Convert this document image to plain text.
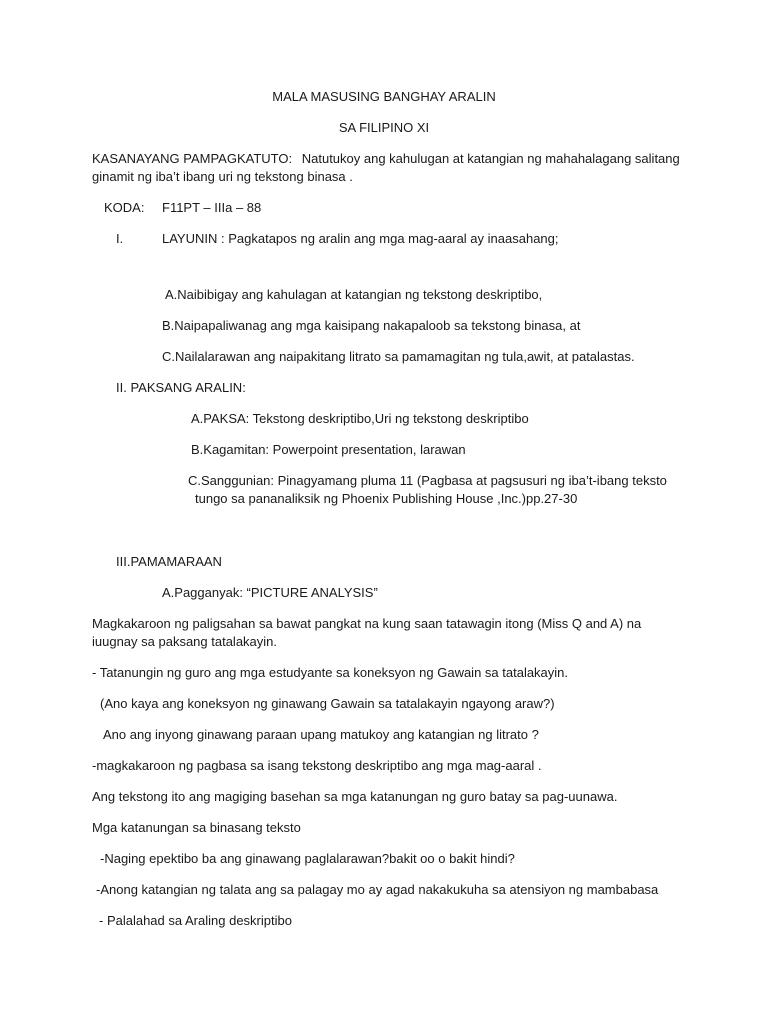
MALA MASUSING BANGHAY ARALIN
SA FILIPINO XI
KASANAYANG PAMPAGKATUTO: Natutukoy ang kahulugan at katangian ng mahahalagang salitang
ginamit ng iba’t ibang uri ng tekstong binasa .
KODA: F11PT – IIIa – 88
I.	LAYUNIN : Pagkatapos ng aralin ang mga mag-aaral ay inaasahang;
A.Naibibigay ang kahulagan at katangian ng tekstong deskriptibo,
B.Naipapaliwanag ang mga kaisipang nakapaloob sa tekstong binasa, at
C.Nailalarawan ang naipakitang litrato sa pamamagitan ng tula,awit, at patalastas.
II. PAKSANG ARALIN:
A.PAKSA: Tekstong deskriptibo,Uri ng tekstong deskriptibo
B.Kagamitan: Powerpoint presentation, larawan
C.Sanggunian: Pinagyamang pluma 11 (Pagbasa at pagsusuri ng iba’t-ibang teksto
tungo sa pananaliksik ng Phoenix Publishing House ,Inc.)pp.27-30
III.PAMAMARAAN
A.Pagganyak: “PICTURE ANALYSIS”
Magkakaroon ng paligsahan sa bawat pangkat na kung saan tatawagin itong (Miss Q and A) na
iuugnay sa paksang tatalakayin.
- Tatanungin ng guro ang mga estudyante sa koneksyon ng Gawain sa tatalakayin.
(Ano kaya ang koneksyon ng ginawang Gawain sa tatalakayin ngayong araw?)
Ano ang inyong ginawang paraan upang matukoy ang katangian ng litrato ?
-magkakaroon ng pagbasa sa isang tekstong deskriptibo ang mga mag-aaral .
Ang tekstong ito ang magiging basehan sa mga katanungan ng guro batay sa pag-uunawa.
Mga katanungan sa binasang teksto
-Naging epektibo ba ang ginawang paglalarawan?bakit oo o bakit hindi?
-Anong katangian ng talata ang sa palagay mo ay agad nakakukuha sa atensiyon ng mambabasa
- Palalahad sa Araling deskriptibo
